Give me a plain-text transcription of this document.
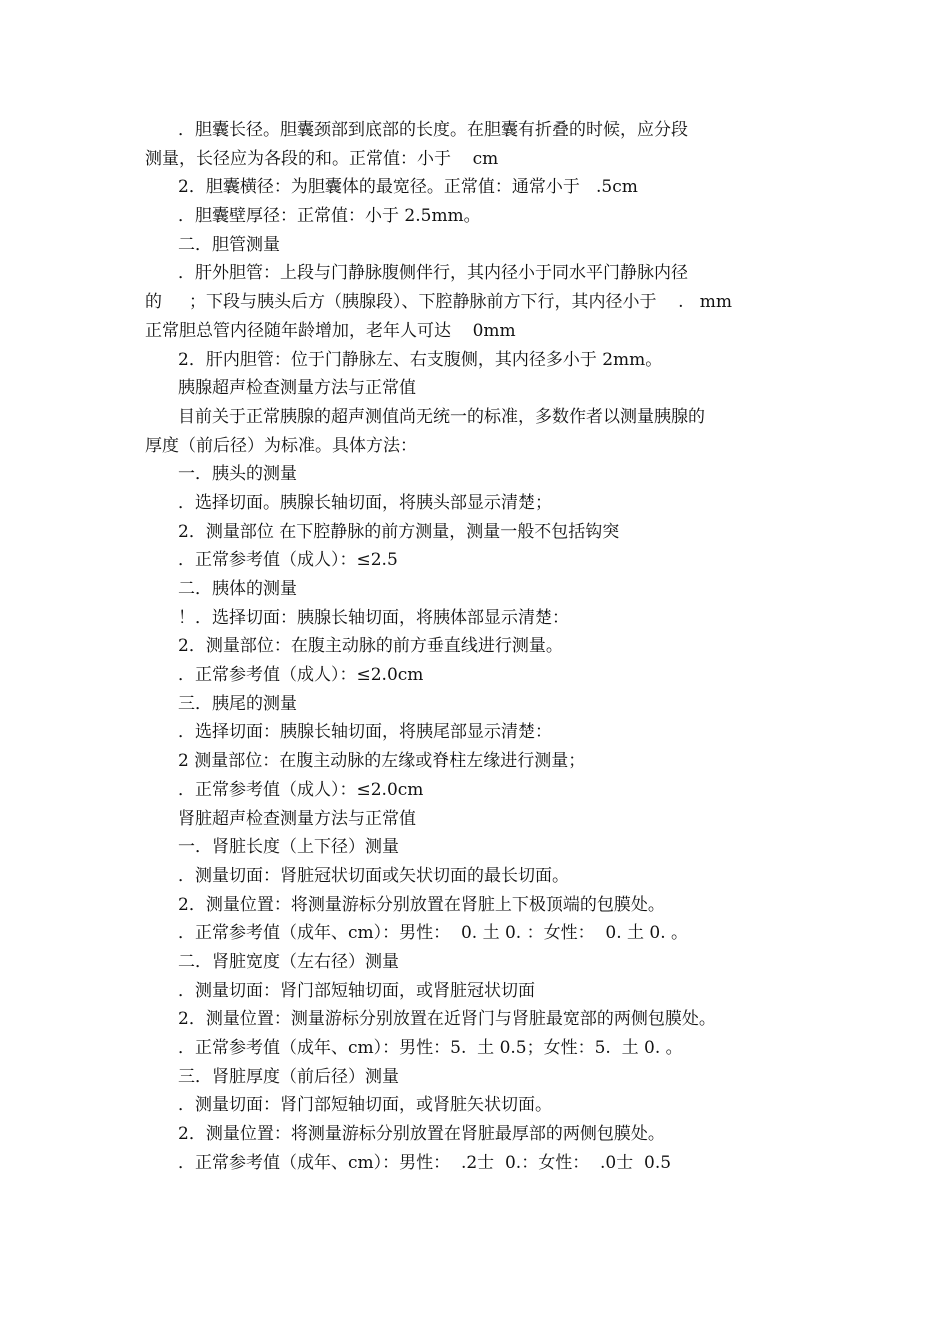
．胆囊长径。胆囊颈部到底部的长度。在胆囊有折叠的时候，应分段
测量，长径应为各段的和。正常值：小于    cm
2．胆囊横径：为胆囊体的最宽径。正常值：通常小于   .5cm
．胆囊壁厚径：正常值：小于 2.5mm。
二．胆管测量
．肝外胆管：上段与门静脉腹侧伴行，其内径小于同水平门静脉内径
的     ；下段与胰头后方（胰腺段）、下腔静脉前方下行，其内径小于    .   mm
正常胆总管内径随年龄增加，老年人可达    0mm
2．肝内胆管：位于门静脉左、右支腹侧，其内径多小于 2mm。
胰腺超声检查测量方法与正常值
目前关于正常胰腺的超声测值尚无统一的标准，多数作者以测量胰腺的
厚度（前后径）为标准。具体方法：
一．胰头的测量
．选择切面。胰腺长轴切面，将胰头部显示清楚；
2．测量部位 在下腔静脉的前方测量，测量一般不包括钩突
．正常参考值（成人）：≤2.5
二．胰体的测量
！．选择切面：胰腺长轴切面，将胰体部显示清楚：
2．测量部位：在腹主动脉的前方垂直线进行测量。
．正常参考值（成人）：≤2.0cm
三．胰尾的测量
．选择切面：胰腺长轴切面，将胰尾部显示清楚：
2 测量部位：在腹主动脉的左缘或脊柱左缘进行测量；
．正常参考值（成人）：≤2.0cm
肾脏超声检查测量方法与正常值
一．肾脏长度（上下径）测量
．测量切面：肾脏冠状切面或矢状切面的最长切面。
2．测量位置：将测量游标分别放置在肾脏上下极顶端的包膜处。
．正常参考值（成年、cm）：男性：  0. 土 0. ：女性：  0. 土 0. 。
二．肾脏宽度（左右径）测量
．测量切面：肾门部短轴切面，或肾脏冠状切面
2．测量位置：测量游标分别放置在近肾门与肾脏最宽部的两侧包膜处。
．正常参考值（成年、cm）：男性：5.  土 0.5；女性：5.  土 0. 。
三．肾脏厚度（前后径）测量
．测量切面：肾门部短轴切面，或肾脏矢状切面。
2．测量位置：将测量游标分别放置在肾脏最厚部的两侧包膜处。
．正常参考值（成年、cm）：男性：  .2士  0.：女性：  .0士  0.5
